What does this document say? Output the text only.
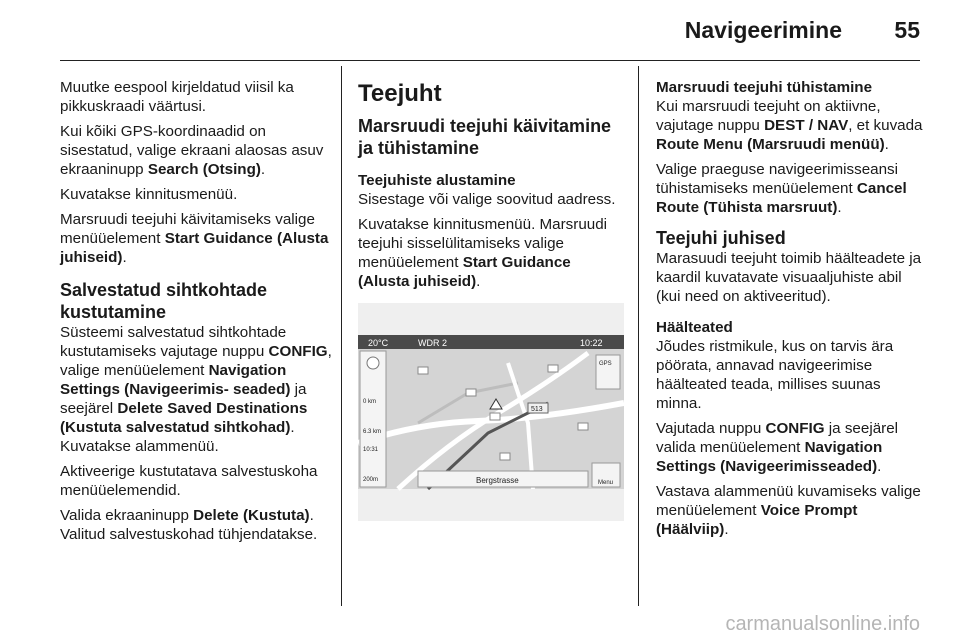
Navigeerimine 55

Muutke eespool kirjeldatud viisil ka pikkuskraadi väärtusi.

Kui kõiki GPS-koordinaadid on sisestatud, valige ekraani alaosas asuv ekraaninupp Search (Otsing).

Kuvatakse kinnitusmenüü.

Marsruudi teejuhi käivitamiseks valige menüüelement Start Guidance (Alusta juhiseid).

Salvestatud sihtkohtade kustutamine

Süsteemi salvestatud sihtkohtade kustutamiseks vajutage nuppu CONFIG, valige menüüelement Navigation Settings (Navigeerimis- seaded) ja seejärel Delete Saved Destinations (Kustuta salvestatud sihtkohad). Kuvatakse alammenüü.

Aktiveerige kustutatava salvestuskoha menüüelemendid.

Valida ekraaninupp Delete (Kustuta). Valitud salvestuskohad tühjendatakse.

Teejuht
Marsruudi teejuhi käivitamine ja tühistamine
Teejuhiste alustamine

Sisestage või valige soovitud aadress.

Kuvatakse kinnitusmenüü. Marsruudi teejuhi sisselülitamiseks valige menüüelement Start Guidance (Alusta juhiseid).

20°C	WDR 2	10:22
513
0 km
6.3 km
10:31
200m
GPS
Bergstrasse	Menu
Marsruudi teejuhi tühistamine

Kui marsruudi teejuht on aktiivne, vajutage nuppu DEST / NAV, et kuvada Route Menu (Marsruudi menüü).

Valige praeguse navigeerimisseansi tühistamiseks menüüelement Cancel Route (Tühista marsruut).

Teejuhi juhised

Marasuudi teejuht toimib häälteadete ja kaardil kuvatavate visuaaljuhiste abil (kui need on aktiveeritud).

Häälteated

Jõudes ristmikule, kus on tarvis ära pöörata, annavad navigeerimise häälteated teada, millises suunas minna.

Vajutada nuppu CONFIG ja seejärel valida menüüelement Navigation Settings (Navigeerimisseaded).

Vastava alammenüü kuvamiseks valige menüüelement Voice Prompt (Häälviip).

carmanualsonline.info
